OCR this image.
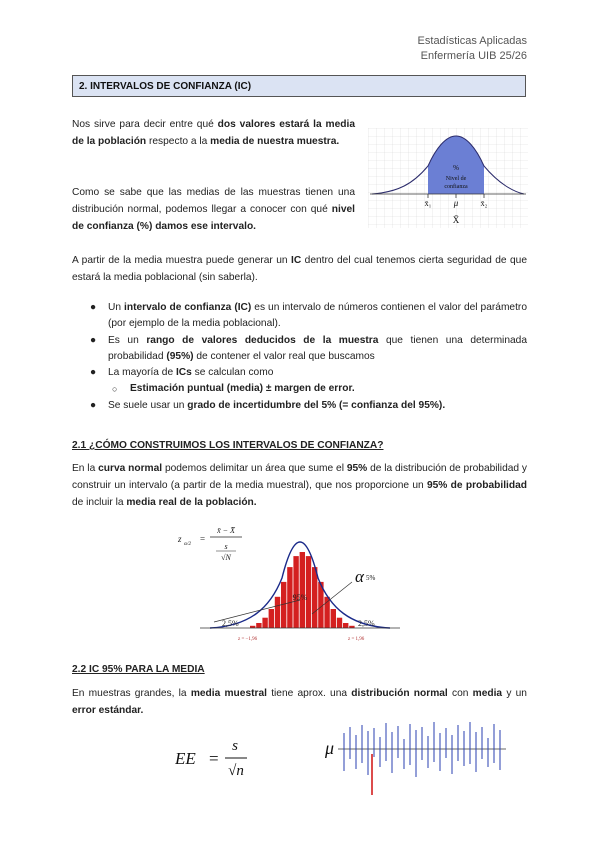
Estadísticas Aplicadas
Enfermería UIB 25/26
2. INTERVALOS DE CONFIANZA (IC)
Nos sirve para decir entre qué dos valores estará la media de la población respecto a la media de nuestra muestra.
Como se sabe que las medias de las muestras tienen una distribución normal, podemos llegar a conocer con qué nivel de confianza (%) damos ese intervalo.
%
Nivel de
confianza
x̄₁ μ	x̄₂
X̄
A partir de la media muestra puede generar un IC dentro del cual tenemos cierta seguridad de que estará la media poblacional (sin saberla).
● Un intervalo de confianza (IC) es un intervalo de números contienen el valor del parámetro (por ejemplo de la media poblacional).
● Es un rango de valores deducidos de la muestra que tienen una determinada probabilidad (95%) de contener el valor real que buscamos
● La mayoría de ICs se calculan como
○ Estimación puntual (media) ± margen de error.
● Se suele usar un grado de incertidumbre del 5% (= confianza del 95%).
2.1 ¿CÓMO CONSTRUIMOS LOS INTERVALOS DE CONFIANZA?
En la curva normal podemos delimitar un área que sume el 95% de la distribución de probabilidad y construir un intervalo (a partir de la media muestral), que nos proporcione un 95% de probabilidad de incluir la media real de la población.
z α/2 =
x̄ − X̄
s
√N
α 5%
95%
2,5%	2,5%
z = −1,96	z = 1,96
2.2 IC 95% PARA LA MEDIA
En muestras grandes, la media muestral tiene aprox. una distribución normal con media y un error estándar.
EE =
s
√n
μ
